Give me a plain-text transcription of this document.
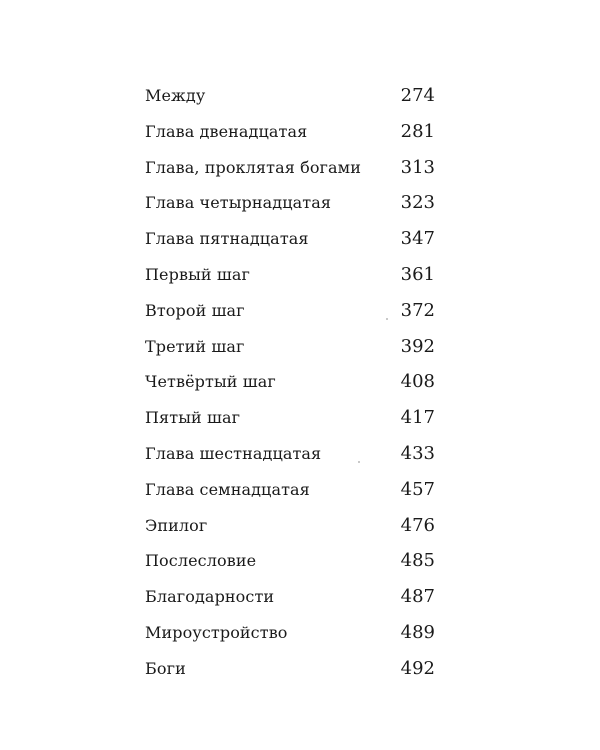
Между	274
Глава двенадцатая	281
Глава, проклятая богами	313
Глава четырнадцатая	323
Глава пятнадцатая	347
Первый шаг	361
Второй шаг	372
Третий шаг	392
Четвёртый шаг	408
Пятый шаг	417
Глава шестнадцатая	433
Глава семнадцатая	457
Эпилог	476
Послесловие	485
Благодарности	487
Мироустройство	489
Боги	492
